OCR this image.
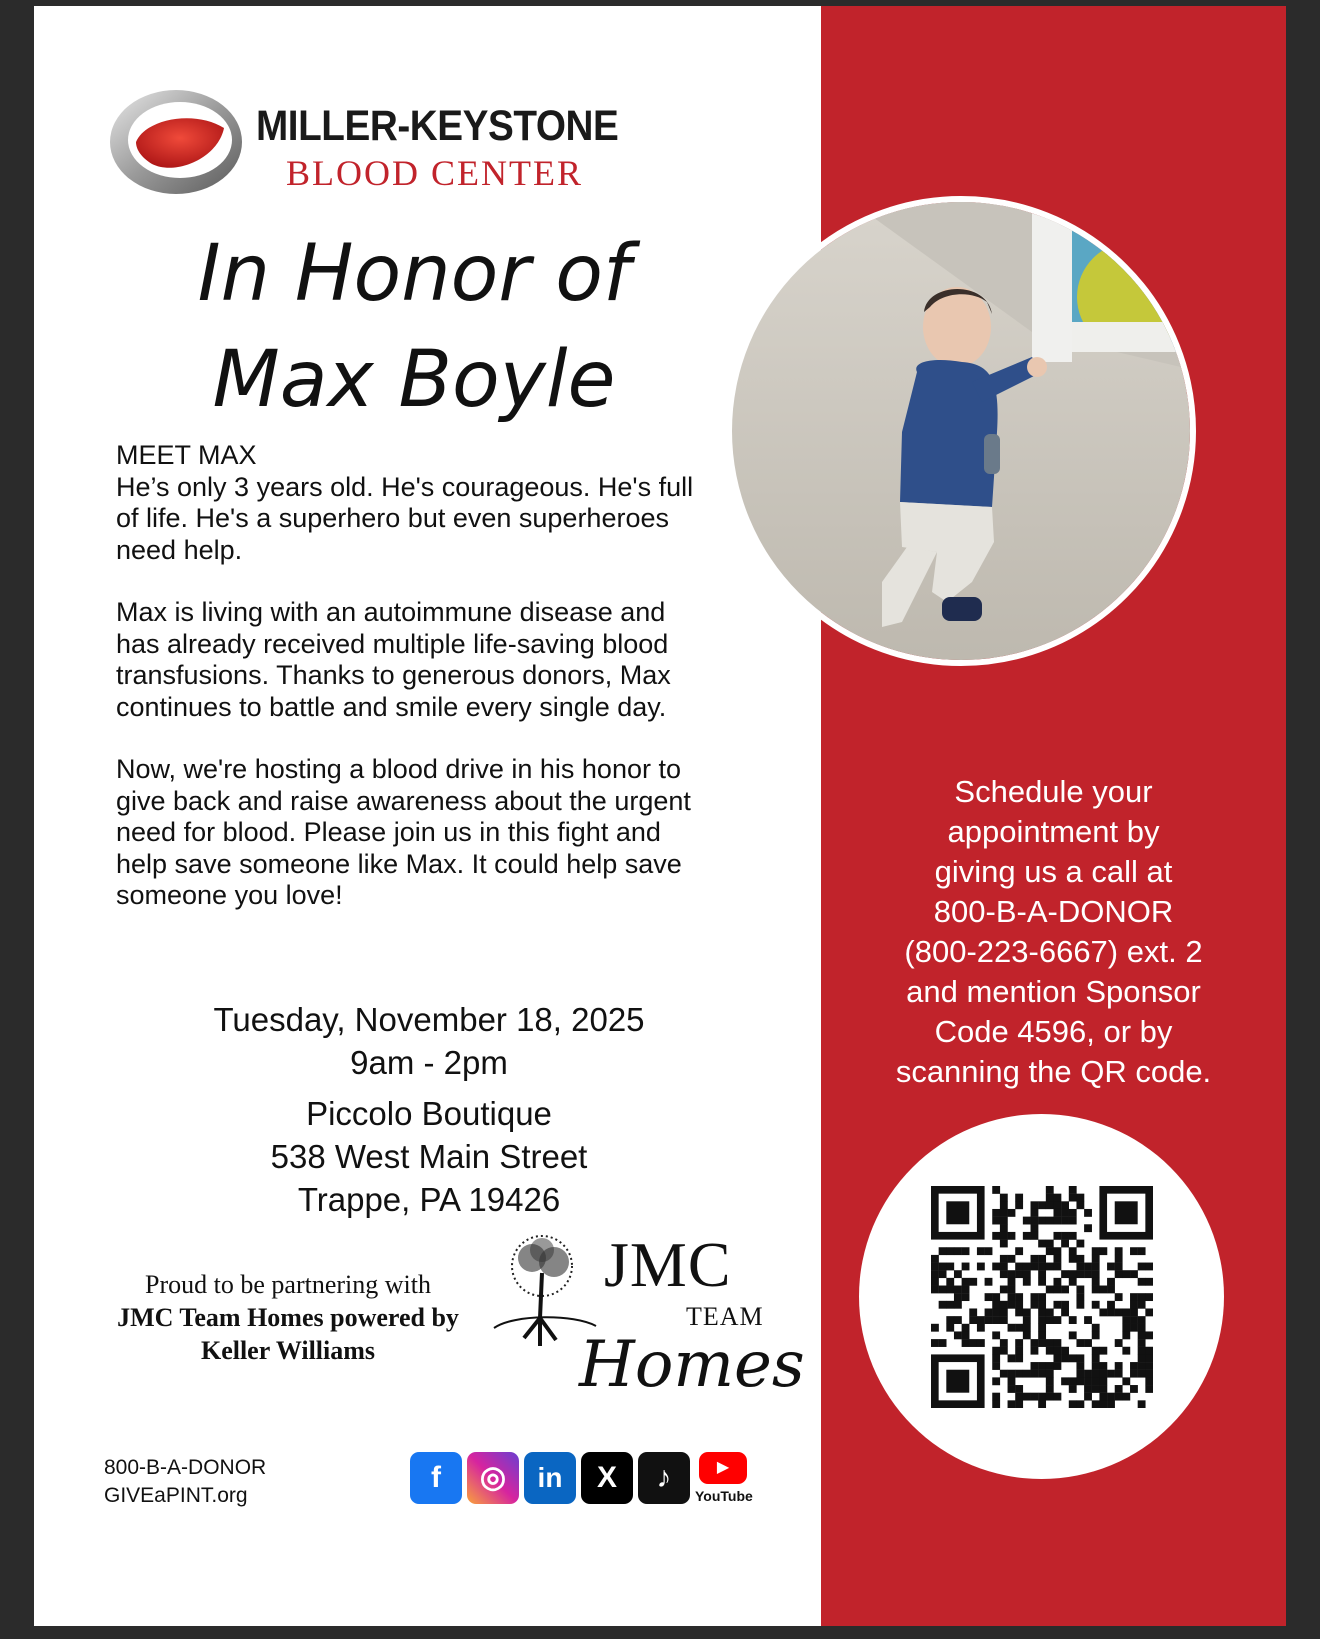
MILLER-KEYSTONE
BLOOD CENTER
In Honor of
Max Boyle

MEET MAX
He’s only 3 years old. He's courageous. He's full of life. He's a superhero but even superheroes need help.

Max is living with an autoimmune disease and has already received multiple life-saving blood transfusions. Thanks to generous donors, Max continues to battle and smile every single day.

Now, we're hosting a blood drive in his honor to give back and raise awareness about the urgent need for blood. Please join us in this fight and help save someone like Max. It could help save someone you love!

Tuesday, November 18, 2025
9am - 2pm
Piccolo Boutique
538 West Main Street
Trappe, PA 19426
Proud to be partnering with
JMC Team Homes powered by
Keller Williams
JMC
TEAM
Homes
800-B-A-DONOR
GIVEaPINT.org
f	◎	in	X	♪	▶
YouTube
Schedule your
appointment by
giving us a call at
800-B-A-DONOR
(800-223-6667) ext. 2
and mention Sponsor
Code 4596, or by
scanning the QR code.
